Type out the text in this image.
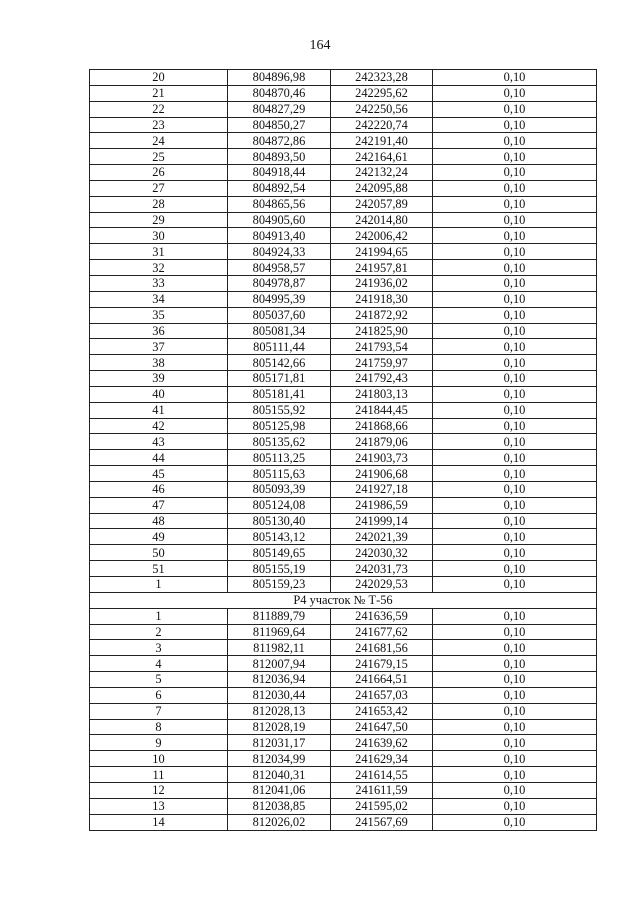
164
20	804896,98	242323,28	0,10
21	804870,46	242295,62	0,10
22	804827,29	242250,56	0,10
23	804850,27	242220,74	0,10
24	804872,86	242191,40	0,10
25	804893,50	242164,61	0,10
26	804918,44	242132,24	0,10
27	804892,54	242095,88	0,10
28	804865,56	242057,89	0,10
29	804905,60	242014,80	0,10
30	804913,40	242006,42	0,10
31	804924,33	241994,65	0,10
32	804958,57	241957,81	0,10
33	804978,87	241936,02	0,10
34	804995,39	241918,30	0,10
35	805037,60	241872,92	0,10
36	805081,34	241825,90	0,10
37	805111,44	241793,54	0,10
38	805142,66	241759,97	0,10
39	805171,81	241792,43	0,10
40	805181,41	241803,13	0,10
41	805155,92	241844,45	0,10
42	805125,98	241868,66	0,10
43	805135,62	241879,06	0,10
44	805113,25	241903,73	0,10
45	805115,63	241906,68	0,10
46	805093,39	241927,18	0,10
47	805124,08	241986,59	0,10
48	805130,40	241999,14	0,10
49	805143,12	242021,39	0,10
50	805149,65	242030,32	0,10
51	805155,19	242031,73	0,10
1	805159,23	242029,53	0,10
Р4 участок № Т-56			
1	811889,79	241636,59	0,10
2	811969,64	241677,62	0,10
3	811982,11	241681,56	0,10
4	812007,94	241679,15	0,10
5	812036,94	241664,51	0,10
6	812030,44	241657,03	0,10
7	812028,13	241653,42	0,10
8	812028,19	241647,50	0,10
9	812031,17	241639,62	0,10
10	812034,99	241629,34	0,10
11	812040,31	241614,55	0,10
12	812041,06	241611,59	0,10
13	812038,85	241595,02	0,10
14	812026,02	241567,69	0,10
